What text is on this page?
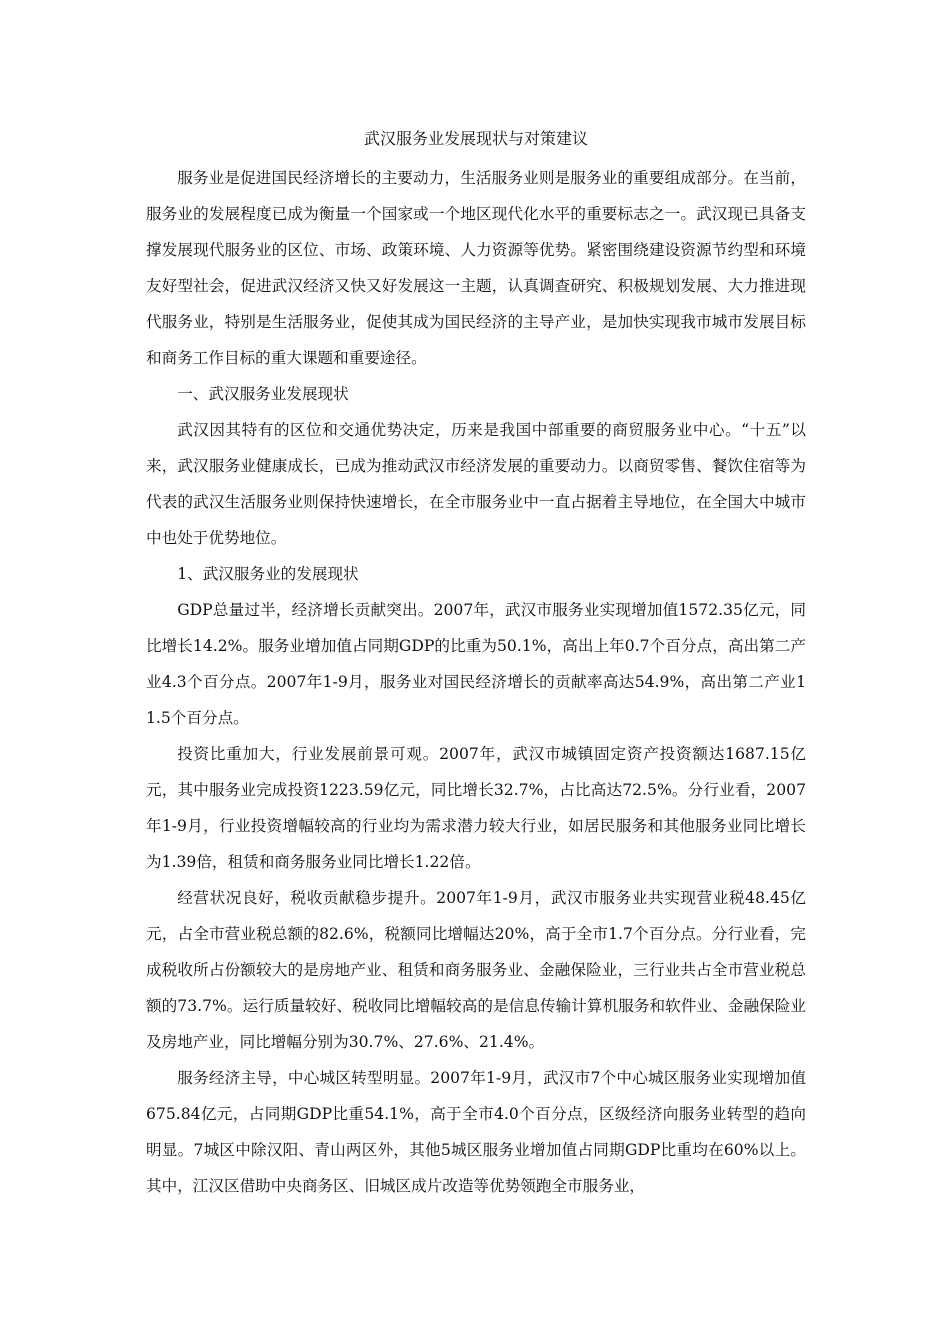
武汉服务业发展现状与对策建议

服务业是促进国民经济增长的主要动力，生活服务业则是服务业的重要组成部分。在当前，服务业的发展程度已成为衡量一个国家或一个地区现代化水平的重要标志之一。武汉现已具备支撑发展现代服务业的区位、市场、政策环境、人力资源等优势。紧密围绕建设资源节约型和环境友好型社会，促进武汉经济又快又好发展这一主题，认真调查研究、积极规划发展、大力推进现代服务业，特别是生活服务业，促使其成为国民经济的主导产业，是加快实现我市城市发展目标和商务工作目标的重大课题和重要途径。

一、武汉服务业发展现状

武汉因其特有的区位和交通优势决定，历来是我国中部重要的商贸服务业中心。“十五”以来，武汉服务业健康成长，已成为推动武汉市经济发展的重要动力。以商贸零售、餐饮住宿等为代表的武汉生活服务业则保持快速增长，在全市服务业中一直占据着主导地位，在全国大中城市中也处于优势地位。

1、武汉服务业的发展现状

GDP总量过半，经济增长贡献突出。2007年，武汉市服务业实现增加值1572.35亿元，同比增长14.2%。服务业增加值占同期GDP的比重为50.1%，高出上年0.7个百分点，高出第二产业4.3个百分点。2007年1-9月，服务业对国民经济增长的贡献率高达54.9%，高出第二产业11.5个百分点。

投资比重加大，行业发展前景可观。2007年，武汉市城镇固定资产投资额达1687.15亿元，其中服务业完成投资1223.59亿元，同比增长32.7%，占比高达72.5%。分行业看，2007年1-9月，行业投资增幅较高的行业均为需求潜力较大行业，如居民服务和其他服务业同比增长为1.39倍，租赁和商务服务业同比增长1.22倍。

经营状况良好，税收贡献稳步提升。2007年1-9月，武汉市服务业共实现营业税48.45亿元，占全市营业税总额的82.6%，税额同比增幅达20%，高于全市1.7个百分点。分行业看，完成税收所占份额较大的是房地产业、租赁和商务服务业、金融保险业，三行业共占全市营业税总额的73.7%。运行质量较好、税收同比增幅较高的是信息传输计算机服务和软件业、金融保险业及房地产业，同比增幅分别为30.7%、27.6%、21.4%。

服务经济主导，中心城区转型明显。2007年1-9月，武汉市7个中心城区服务业实现增加值675.84亿元，占同期GDP比重54.1%，高于全市4.0个百分点，区级经济向服务业转型的趋向明显。7城区中除汉阳、青山两区外，其他5城区服务业增加值占同期GDP比重均在60%以上。其中，江汉区借助中央商务区、旧城区成片改造等优势领跑全市服务业，
